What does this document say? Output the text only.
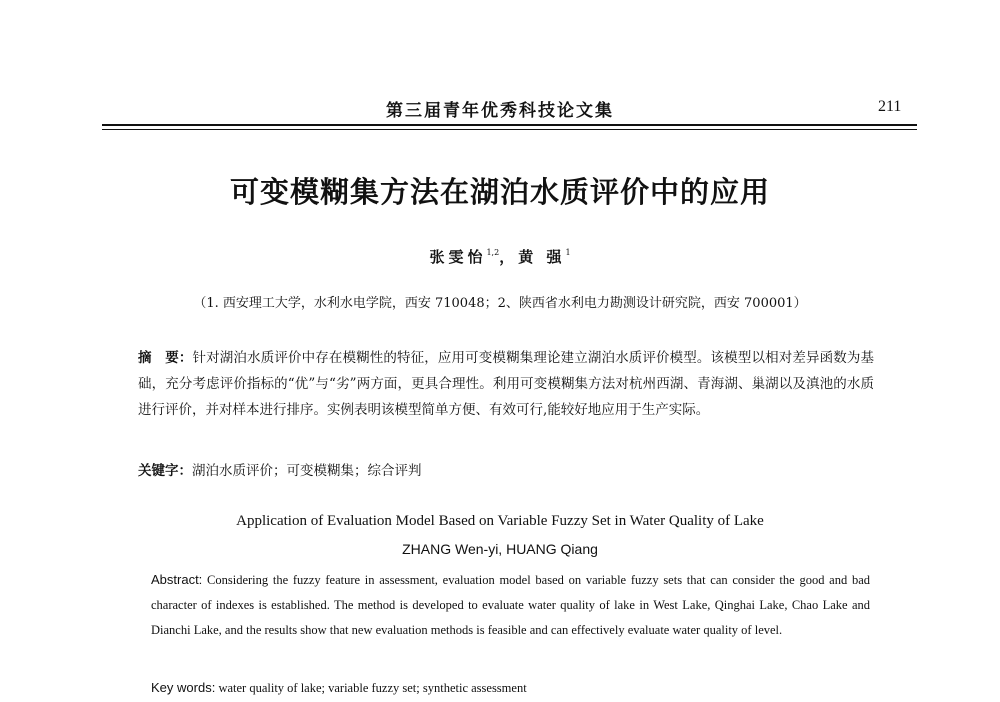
第三届青年优秀科技论文集	211
可变模糊集方法在湖泊水质评价中的应用
张雯怡$^{1,2}$，黄 强$^1$
（1. 西安理工大学，水利水电学院，西安 710048；2、陕西省水利电力勘测设计研究院，西安 700001）
摘　要：针对湖泊水质评价中存在模糊性的特征，应用可变模糊集理论建立湖泊水质评价模型。该模型以相对差异函数为基础，充分考虑评价指标的“优”与“劣”两方面，更具合理性。利用可变模糊集方法对杭州西湖、青海湖、巢湖以及滇池的水质进行评价，并对样本进行排序。实例表明该模型简单方便、有效可行,能较好地应用于生产实际。
关键字：湖泊水质评价；可变模糊集；综合评判
Application of Evaluation Model Based on Variable Fuzzy Set in Water Quality of Lake
ZHANG Wen-yi, HUANG Qiang
Abstract: Considering the fuzzy feature in assessment, evaluation model based on variable fuzzy sets that can consider the good and bad character of indexes is established. The method is developed to evaluate water quality of lake in West Lake, Qinghai Lake, Chao Lake and Dianchi Lake, and the results show that new evaluation methods is feasible and can effectively evaluate water quality of level.
Key words: water quality of lake; variable fuzzy set; synthetic assessment
